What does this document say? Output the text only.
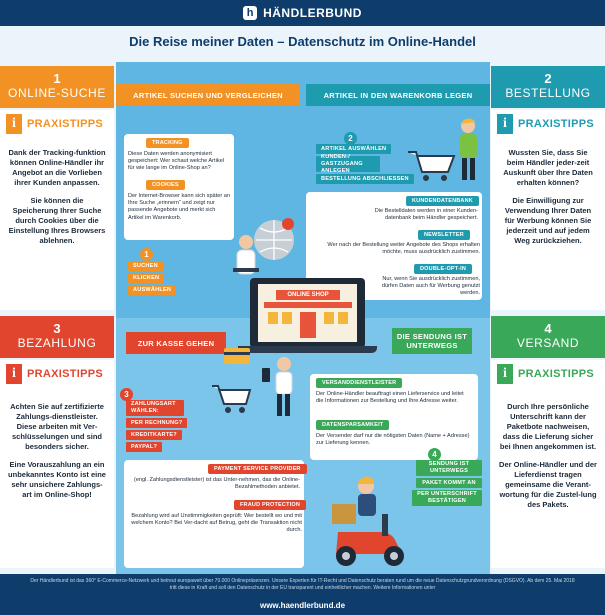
h HÄNDLERBUND
Die Reise meiner Daten – Datenschutz im Online-Handel
1
ONLINE-SUCHE
i	PRAXISTIPPS

Dank der Tracking-funktion können Online-Händler ihr Angebot an die Vorlieben ihrer Kunden anpassen.

Sie können die Speicherung Ihrer Suche durch Cookies über die Einstellung Ihres Browsers ablehnen.

2
BESTELLUNG
i	PRAXISTIPPS

Wussten Sie, dass Sie beim Händler jeder-zeit Auskunft über Ihre Daten erhalten können?

Die Einwilligung zur Verwendung Ihrer Daten für Werbung können Sie jederzeit und auf jedem Weg zurückziehen.

3
BEZAHLUNG
i	PRAXISTIPPS

Achten Sie auf zertifizierte Zahlungs-dienstleister. Diese arbeiten mit Ver-schlüsselungen und sind besonders sicher.

Eine Vorauszahlung an ein unbekanntes Konto ist eine sehr unsichere Zahlungs-art im Online-Shop!

4
VERSAND
i	PRAXISTIPPS

Durch Ihre persönliche Unterschrift kann der Paketbote nachweisen, dass die Lieferung sicher bei Ihnen angekommen ist.

Der Online-Händler und der Lieferdienst tragen gemeinsame die Verant-wortung für die Zustel-lung des Pakets.

ARTIKEL SUCHEN UND VERGLEICHEN	ARTIKEL IN DEN WARENKORB LEGEN
ZUR KASSE GEHEN
DIE SENDUNG IST UNTERWEGS
TRACKING
Diese Daten werden anonymisiert gespeichert: Wer schaut welche Artikel für wie lange im Online-Shop an?
COOKIES
Der Internet-Browser kann sich später an Ihre Suche „erinnern“ und zeigt nur passende Angebote und merkt sich Artikel im Warenkorb.
1
SUCHEN
KLICKEN
AUSWÄHLEN
2
ARTIKEL AUSWÄHLEN
KUNDEN-/ GASTZUGANG ANLEGEN
BESTELLUNG ABSCHLIESSEN
KUNDENDATENBANK
Die Bestelldaten werden in einer Kunden-datenbank beim Händler gespeichert.
NEWSLETTER
Wer nach der Bestellung weiter Angebote des Shops erhalten möchte, muss ausdrücklich zustimmen.
DOUBLE-OPT-IN
Nur, wenn Sie ausdrücklich zustimmen, dürfen Daten auch für Werbung genutzt werden.
ONLINE SHOP
3
ZAHLUNGSART WÄHLEN:
PER RECHNUNG?
KREDITKARTE?
PAYPAL?
PAYMENT SERVICE PROVIDER
(engl. Zahlungsdienstleister) ist das Unter-nehmen, das die Online-Bezahlmethoden anbietet.
FRAUD PROTECTION
Bezahlung wird auf Unstimmigkeiten geprüft: Wer bestellt wo und mit welchem Konto? Bei Ver-dacht auf Betrug, geht die Transaktion nicht durch.
VERSANDDIENSTLEISTER
Der Online-Händler beauftragt einen Lieferservice und leitet die Informationen zur Bestellung und Ihre Adresse weiter.
DATENSPARSAMKEIT
Der Versender darf nur die nötigsten Daten (Name + Adresse) zur Lieferung kennen.
4
SENDUNG IST UNTERWEGS
PAKET KOMMT AN
PER UNTERSCHRIFT BESTÄTIGEN
Der Händlerbund ist das 360° E-Commerce-Netzwerk und betreut europaweit über 70.000 Onlinepräsenzen. Unsere Experten für IT-Recht und Datenschutz beraten rund um die neue Datenschutzgrundverordnung (DSGVO). Ab dem 25. Mai 2018 tritt diese in Kraft und soll den Datenschutz in der EU transparent und einheitlicher machen. Weitere Informationen unter
www.haendlerbund.de
